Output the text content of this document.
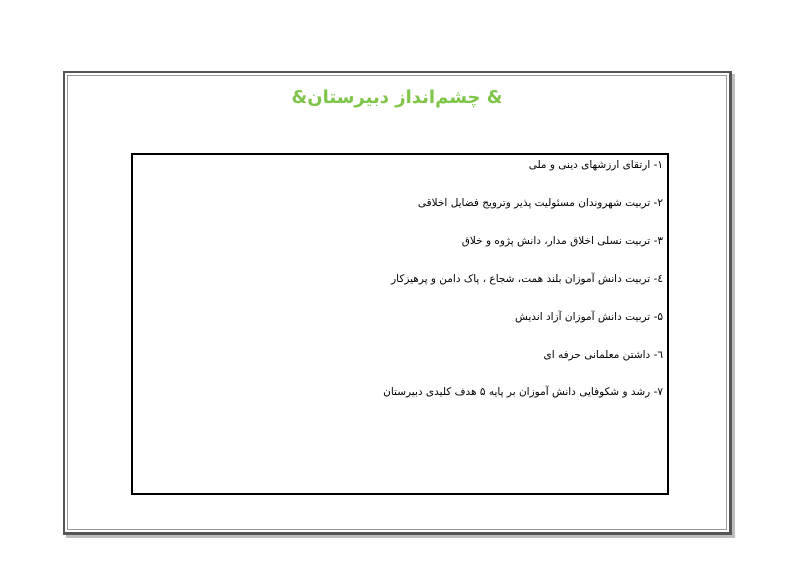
& چشم‌انداز دبیرستان&
۱- ارتقای ارزشهای دینی و ملی
۲- تربیت شهروندان مسئولیت پذیر وترویج فضایل اخلاقی
۳- تربیت نسلی اخلاق مدار، دانش پژوه و خلاق
٤- تربیت دانش آموزان بلند همت، شجاع ، پاک دامن و پرهیزکار
۵- تربیت دانش آموزان آزاد اندیش
٦- داشتن معلمانی حرفه ای
۷- رشد و شکوفایی دانش آموزان بر پایه ۵ هدف کلیدی دبیرستان
